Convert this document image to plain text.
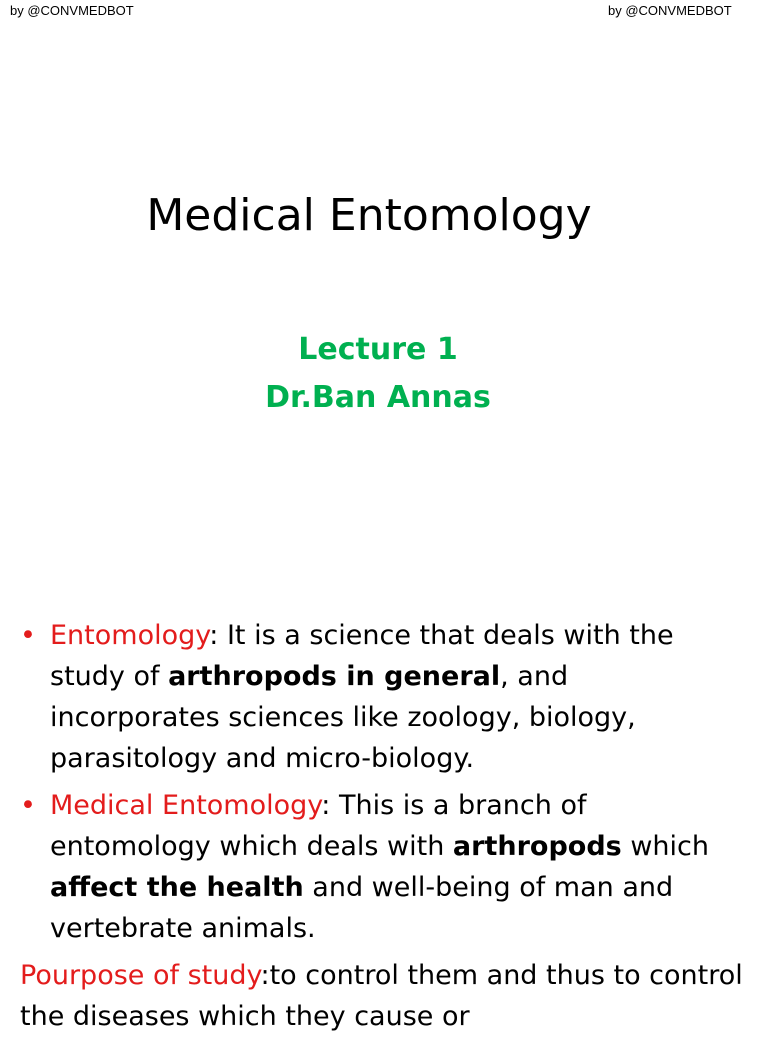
by @CONVMEDBOT	by @CONVMEDBOT
Medical Entomology
Lecture 1
Dr.Ban Annas
• Entomology: It is a science that deals with the study of arthropods in general, and incorporates sciences like zoology, biology, parasitology and micro-biology.
• Medical Entomology: This is a branch of entomology which deals with arthropods which affect the health and well-being of man and vertebrate animals.
Pourpose of study:to control them and thus to control the diseases which they cause or
